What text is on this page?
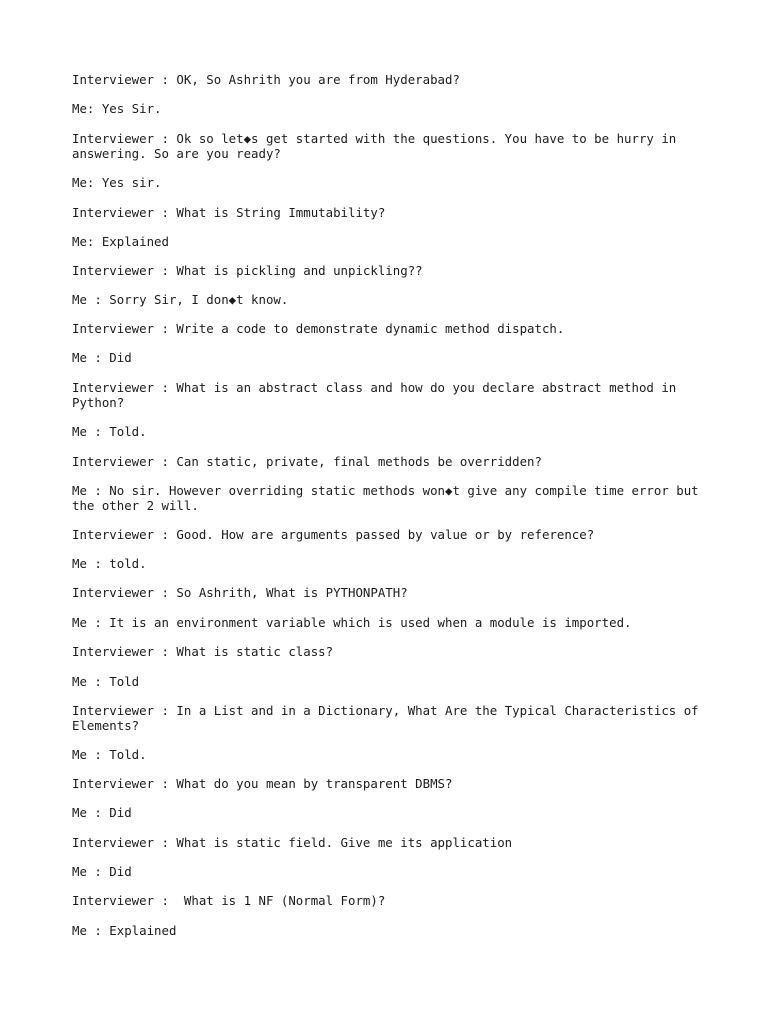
Interviewer : OK, So Ashrith you are from Hyderabad?

Me: Yes Sir.

Interviewer : Ok so let◆s get started with the questions. You have to be hurry in answering. So are you ready?

Me: Yes sir.

Interviewer : What is String Immutability?

Me: Explained

Interviewer : What is pickling and unpickling??

Me : Sorry Sir, I don◆t know.

Interviewer : Write a code to demonstrate dynamic method dispatch.

Me : Did

Interviewer : What is an abstract class and how do you declare abstract method in Python?

Me : Told.

Interviewer : Can static, private, final methods be overridden?

Me : No sir. However overriding static methods won◆t give any compile time error but the other 2 will.

Interviewer : Good. How are arguments passed by value or by reference?

Me : told.

Interviewer : So Ashrith, What is PYTHONPATH?

Me : It is an environment variable which is used when a module is imported.

Interviewer : What is static class?

Me : Told

Interviewer : In a List and in a Dictionary, What Are the Typical Characteristics of Elements?

Me : Told.

Interviewer : What do you mean by transparent DBMS?

Me : Did

Interviewer : What is static field. Give me its application

Me : Did

Interviewer :  What is 1 NF (Normal Form)?

Me : Explained
